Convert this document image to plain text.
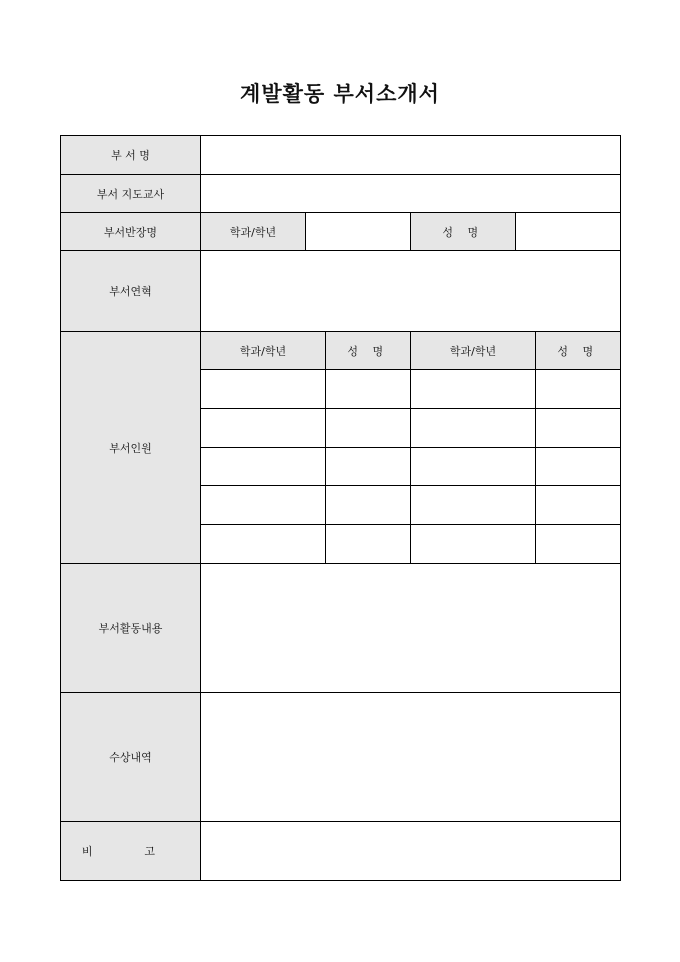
계발활동 부서소개서
부 서 명						
부서 지도교사						
부서반장명	학과/학년			성 명		
부서연혁						
부서인원	학과/학년		성 명	학과/학년		성 명

부서활동내용						
수상내역						
비 고						
